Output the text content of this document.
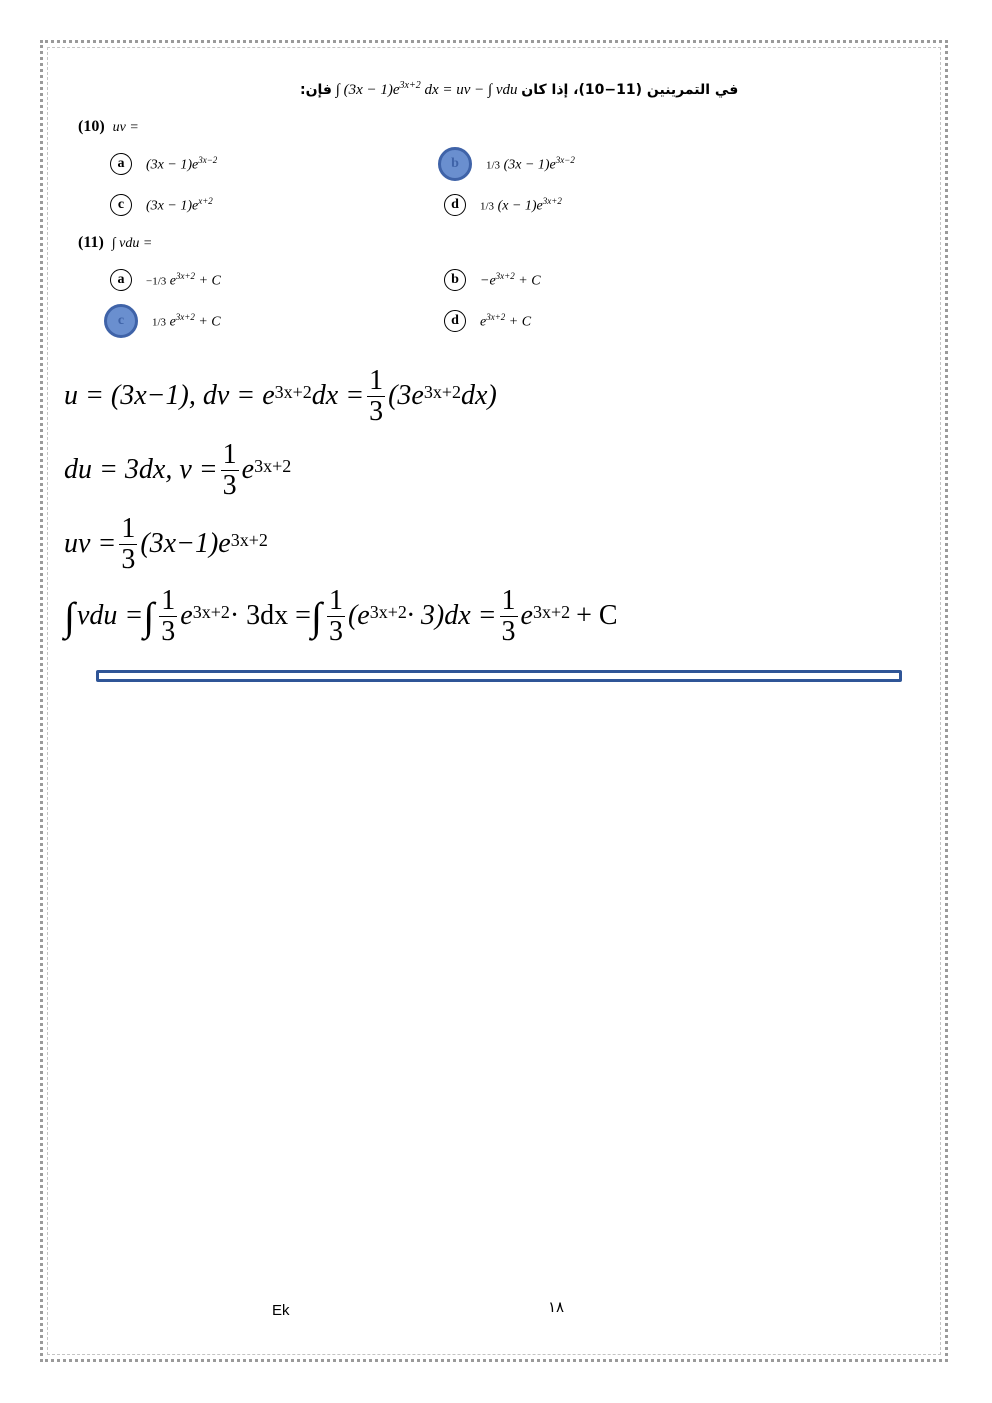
في التمرينين (11−10)، إذا كان ∫ $(3x - 1)e^{3x+2}$ dx = uv − ∫ vdu فإن:
(10) uv =
a	$(3x - 1)e^{3x-2}$	b	1/3 $(3x - 1)e^{3x-2}$
c	$(3x - 1)e^{x+2}$	d	1/3 $(x - 1)e^{3x+2}$
(11) ∫ vdu =
a	−1/3 $e^{3x+2} + C$	b	$-e^{3x+2} + C$
c	1/3 $e^{3x+2} + C$	d	$e^{3x+2} + C$
u = (3x−1), dv = $e^{3x+2}$ dx = $\frac{1}{3} (3e^{3x+2}$ dx)
du = 3dx, $v = \frac{1}{3} e^{3x+2}$
uv = $\frac{1}{3} (3x-1)e^{3x+2}$
∫ vdu = ∫ $\frac{1}{3} e^{3x+2} \cdot 3dx$ = ∫ $\frac{1}{3} (e^{3x+2} \cdot 3)dx = \frac{1}{3} e^{3x+2} + C$
Ek	١٨
